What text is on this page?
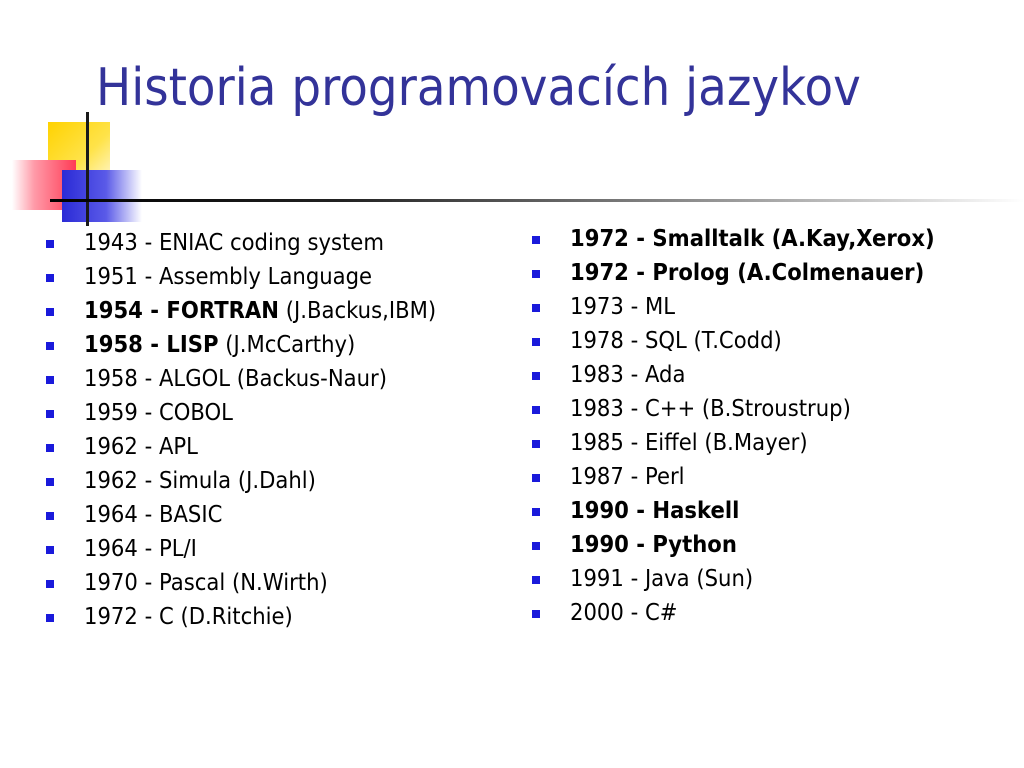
Historia programovacích jazykov
1943 - ENIAC coding system
1951 - Assembly Language
1954 - FORTRAN (J.Backus,IBM)
1958 - LISP (J.McCarthy)
1958 - ALGOL (Backus-Naur)
1959 - COBOL
1962 - APL
1962 - Simula (J.Dahl)
1964 - BASIC
1964 - PL/I
1970 - Pascal (N.Wirth)
1972 - C (D.Ritchie)
1972 - Smalltalk (A.Kay,Xerox)
1972 - Prolog (A.Colmenauer)
1973 - ML
1978 - SQL (T.Codd)
1983 - Ada
1983 - C++ (B.Stroustrup)
1985 - Eiffel (B.Mayer)
1987 - Perl
1990 - Haskell
1990 - Python
1991 - Java (Sun)
2000 - C#
